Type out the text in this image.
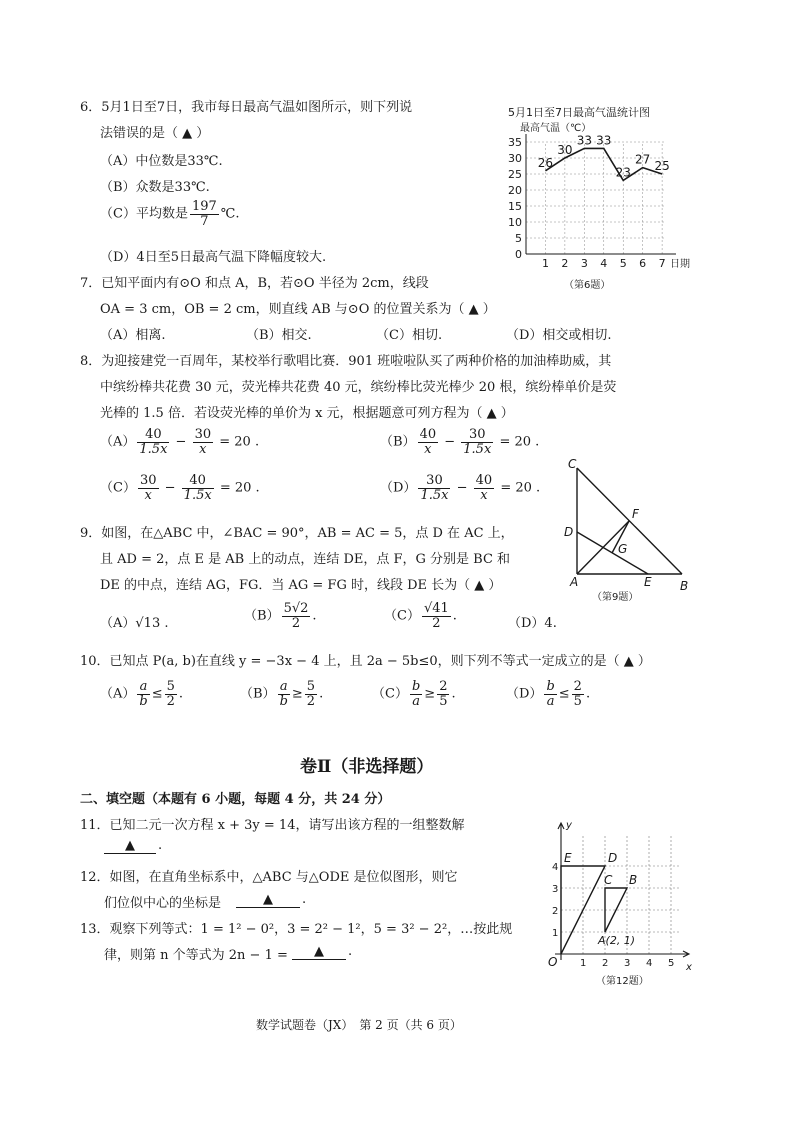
6．5月1日至7日，我市每日最高气温如图所示，则下列说
法错误的是（ ▲ ）
（A）中位数是33℃.
（B）众数是33℃.
（C）平均数是 $\frac{197}{7}$ ℃.
（D）4日至5日最高气温下降幅度较大.
5月1日至7日最高气温统计图
最高气温（℃）
0
5
10
15
20
25
30
35
1 2 3 4 5 6 7 日期
26
30
33 33
23
27 25
（第6题）
7．已知平面内有⊙O 和点 A，B，若⊙O 半径为 2cm，线段
OA = 3 cm，OB = 2 cm，则直线 AB 与⊙O 的位置关系为（ ▲ ）
（A）相离.	（B）相交.	（C）相切.	（D）相交或相切.
8．为迎接建党一百周年，某校举行歌唱比赛．901 班啦啦队买了两种价格的加油棒助威，其
中缤纷棒共花费 30 元，荧光棒共花费 40 元，缤纷棒比荧光棒少 20 根，缤纷棒单价是荧
光棒的 1.5 倍．若设荧光棒的单价为 x 元，根据题意可列方程为（ ▲ ）
$(A) \frac{40}{1.5x} - \frac{30}{x} = 20$ .	$(B) \frac{40}{x} - \frac{30}{1.5x} = 20$ .
$(C) \frac{30}{x} - \frac{40}{1.5x} = 20$ .	$(D) \frac{30}{1.5x} - \frac{40}{x} = 20$ .
C
D
F
G
A	E B
（第9题）
9．如图，在△ABC 中，∠BAC = 90°，AB = AC = 5，点 D 在 AC 上，
且 AD = 2，点 E 是 AB 上的动点，连结 DE，点 F，G 分别是 BC 和
DE 的中点，连结 AG，FG．当 AG = FG 时，线段 DE 长为（ ▲ ）
（A）√13 .	$(B) \frac{5√2}{2}$ .	$(C) \frac{√41}{2}$ .	（D）4.
10．已知点 P(a, b)在直线 y = −3x − 4 上，且 2a − 5b≤0，则下列不等式一定成立的是（ ▲ ）
$(A) \frac{a}{b} \le \frac{5}{2}$ .	$(B) \frac{a}{b} \ge \frac{5}{2}$ .	$(C) \frac{b}{a} \ge \frac{2}{5}$ .	$(D) \frac{b}{a} \le \frac{2}{5}$ .
卷Ⅱ（非选择题）
二、填空题（本题有 6 小题，每题 4 分，共 24 分）
11．已知二元一次方程 x + 3y = 14，请写出该方程的一组整数解
▲	.
12．如图，在直角坐标系中，△ABC 与△ODE 是位似图形，则它
们位似中心的坐标是	▲	.
13．观察下列等式：1 = 1² − 0²，3 = 2² − 1²，5 = 3² − 2²，…按此规
律，则第 n 个等式为 2n − 1 =	▲	.
y
x
O
E	D
C B
A(2, 1)
1 2 3 4 5
1
2
3
4
（第12题）
数学试题卷（JX）　第 2 页（共 6 页）
